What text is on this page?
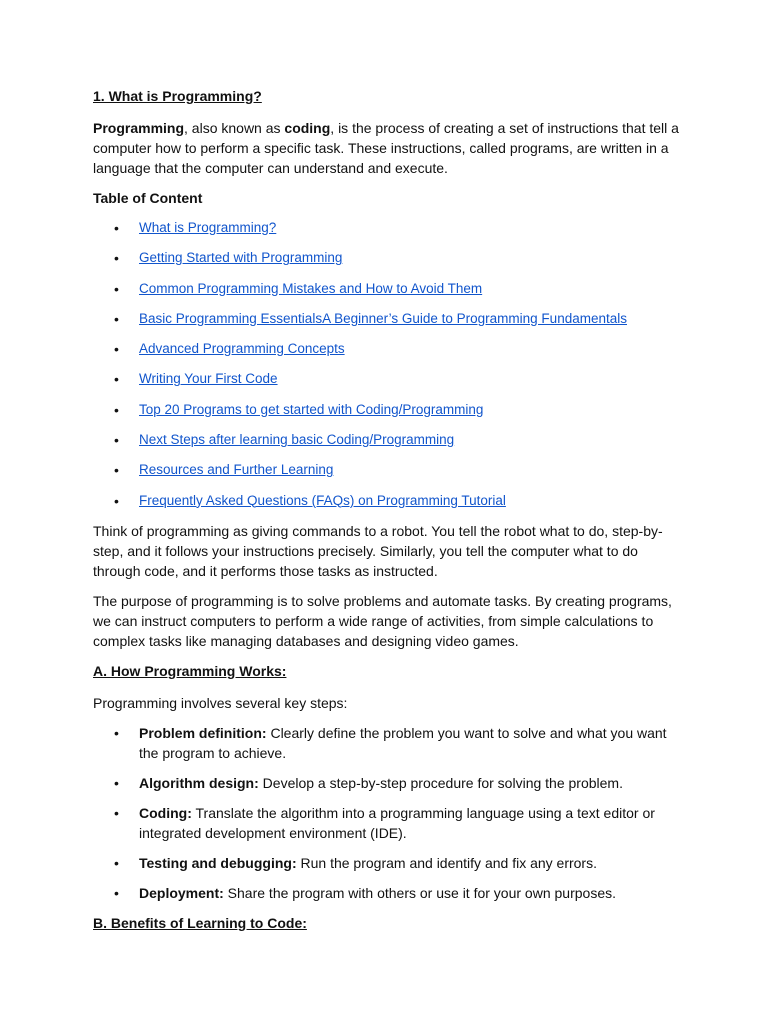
1. What is Programming?

Programming, also known as coding, is the process of creating a set of instructions that tell a computer how to perform a specific task. These instructions, called programs, are written in a language that the computer can understand and execute.

Table of Content
• What is Programming?
• Getting Started with Programming
• Common Programming Mistakes and How to Avoid Them
• Basic Programming EssentialsA Beginner’s Guide to Programming Fundamentals
• Advanced Programming Concepts
• Writing Your First Code
• Top 20 Programs to get started with Coding/Programming
• Next Steps after learning basic Coding/Programming
• Resources and Further Learning
• Frequently Asked Questions (FAQs) on Programming Tutorial

Think of programming as giving commands to a robot. You tell the robot what to do, step-by-step, and it follows your instructions precisely. Similarly, you tell the computer what to do through code, and it performs those tasks as instructed.

The purpose of programming is to solve problems and automate tasks. By creating programs, we can instruct computers to perform a wide range of activities, from simple calculations to complex tasks like managing databases and designing video games.

A. How Programming Works:

Programming involves several key steps:

• Problem definition: Clearly define the problem you want to solve and what you want the program to achieve.
• Algorithm design: Develop a step-by-step procedure for solving the problem.
• Coding: Translate the algorithm into a programming language using a text editor or integrated development environment (IDE).
• Testing and debugging: Run the program and identify and fix any errors.
• Deployment: Share the program with others or use it for your own purposes.
B. Benefits of Learning to Code:
